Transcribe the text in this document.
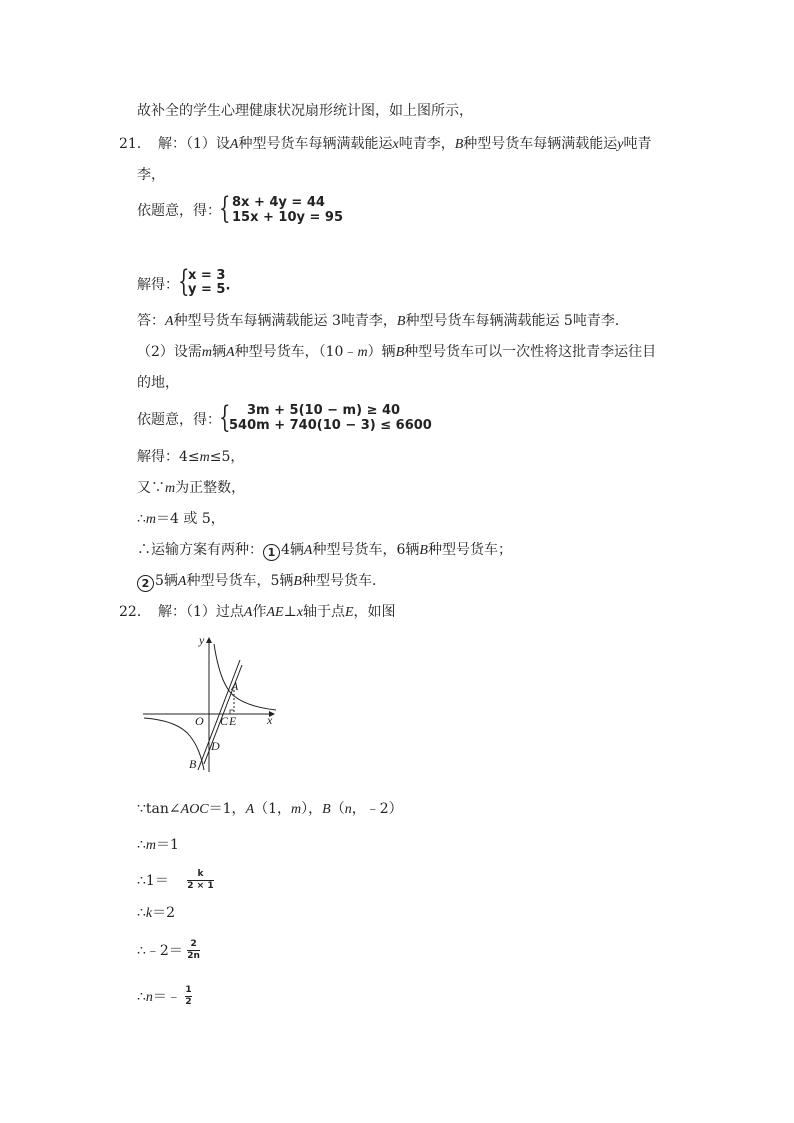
故补全的学生心理健康状况扇形统计图，如上图所示，
21． 解：（1）设A种型号货车每辆满载能运x吨青李，B种型号货车每辆满载能运y吨青
李，
依题意，得：
{ 8x + 4y = 44
15x + 10y = 95
解得： {
x = 3
y = 5·
答：A种型号货车每辆满载能运 3吨青李，B种型号货车每辆满载能运 5吨青李．
（2）设需m辆A种型号货车，（10﹣m）辆B种型号货车可以一次性将这批青李运往目
的地，
依题意，得：
{ 3m + 5(10 − m) ≥ 40
540m + 740(10 − 3) ≤ 6600
解得：4≤m≤5，
又∵m为正整数，
∴m＝4 或 5，
∴运输方案有两种： 1 4辆A种型号货车，6辆B种型号货车；
2 5辆A种型号货车，5辆B种型号货车．
22． 解：（1）过点A作AE⊥x轴于点E，如图
y
x
O C E
A
D
B
∵tan∠AOC＝1，A（1，m），B（n，﹣2）
∴m＝1
∴1＝ $\frac{k}{2 \times 1}$
∴k＝2
∴﹣2＝ $\frac{2}{2n}$
∴n＝﹣ $\frac{1}{2}$
